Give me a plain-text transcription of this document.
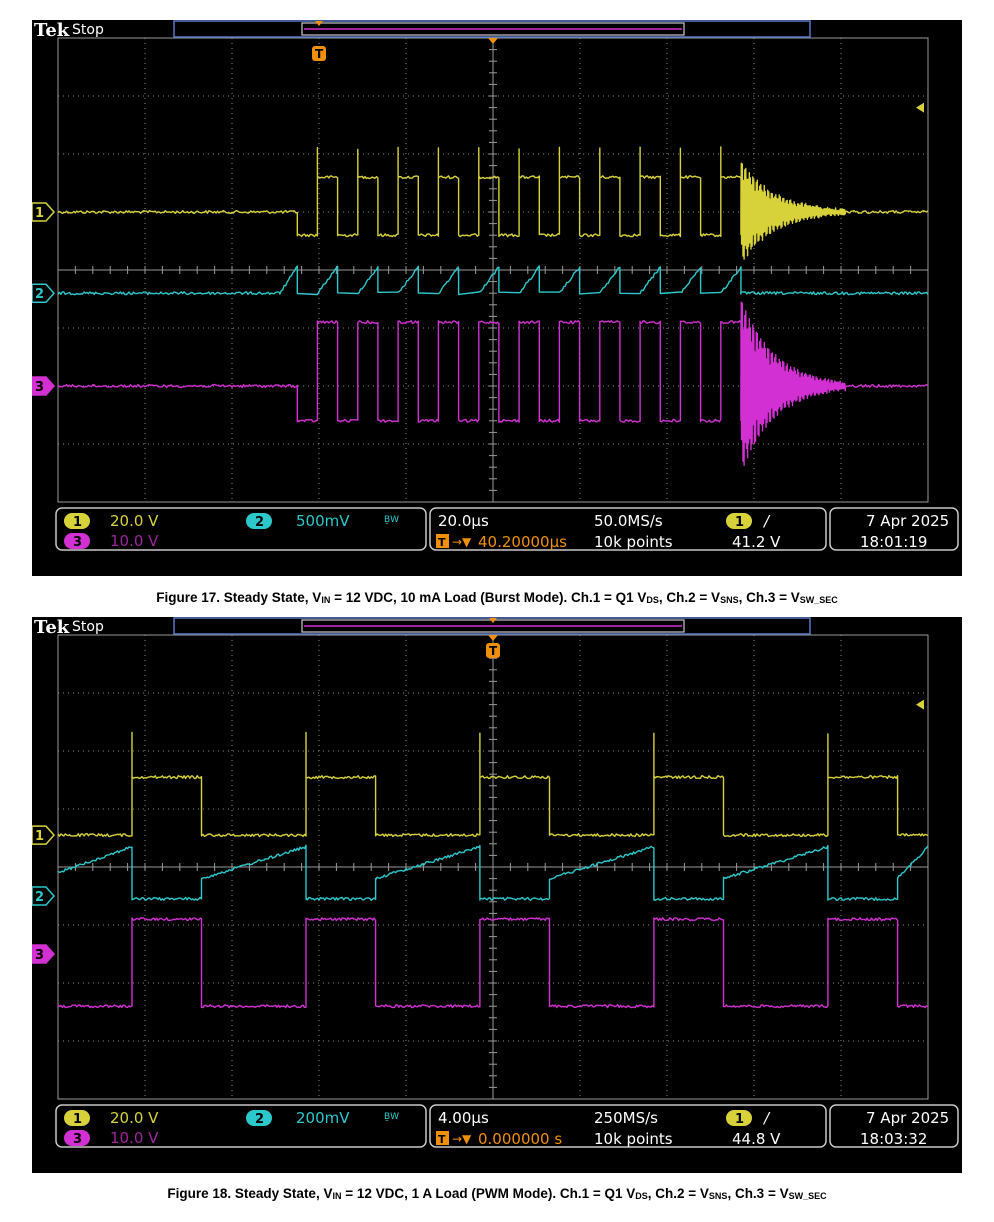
Tek Stop
T
1
2
3
1 20.0 V
3 10.0 V
2 500mV	ḆW	20.0µs
T →▼ 40.20000µs
50.0MS/s
10k points
1 /
41.2 V
7 Apr 2025
18:01:19
Figure 17. Steady State, $V_{IN} = 12$ VDC, 10 mA Load (Burst Mode). Ch.1 = Q1 $V_{DS}$, $Ch.2 = V_{SNS}$, $Ch.3 = V_{SW\_SEC}$
Tek Stop
T
1
2
3
1 20.0 V
3 10.0 V
2 200mV	ḆW	4.00µs
T →▼ 0.000000 s
250MS/s
10k points
1 /
44.8 V
7 Apr 2025
18:03:32
Figure 18. Steady State, $V_{IN} = 12$ VDC, 1 A Load (PWM Mode). Ch.1 = Q1 $V_{DS}$, $Ch.2 = V_{SNS}$, $Ch.3 = V_{SW\_SEC}$
